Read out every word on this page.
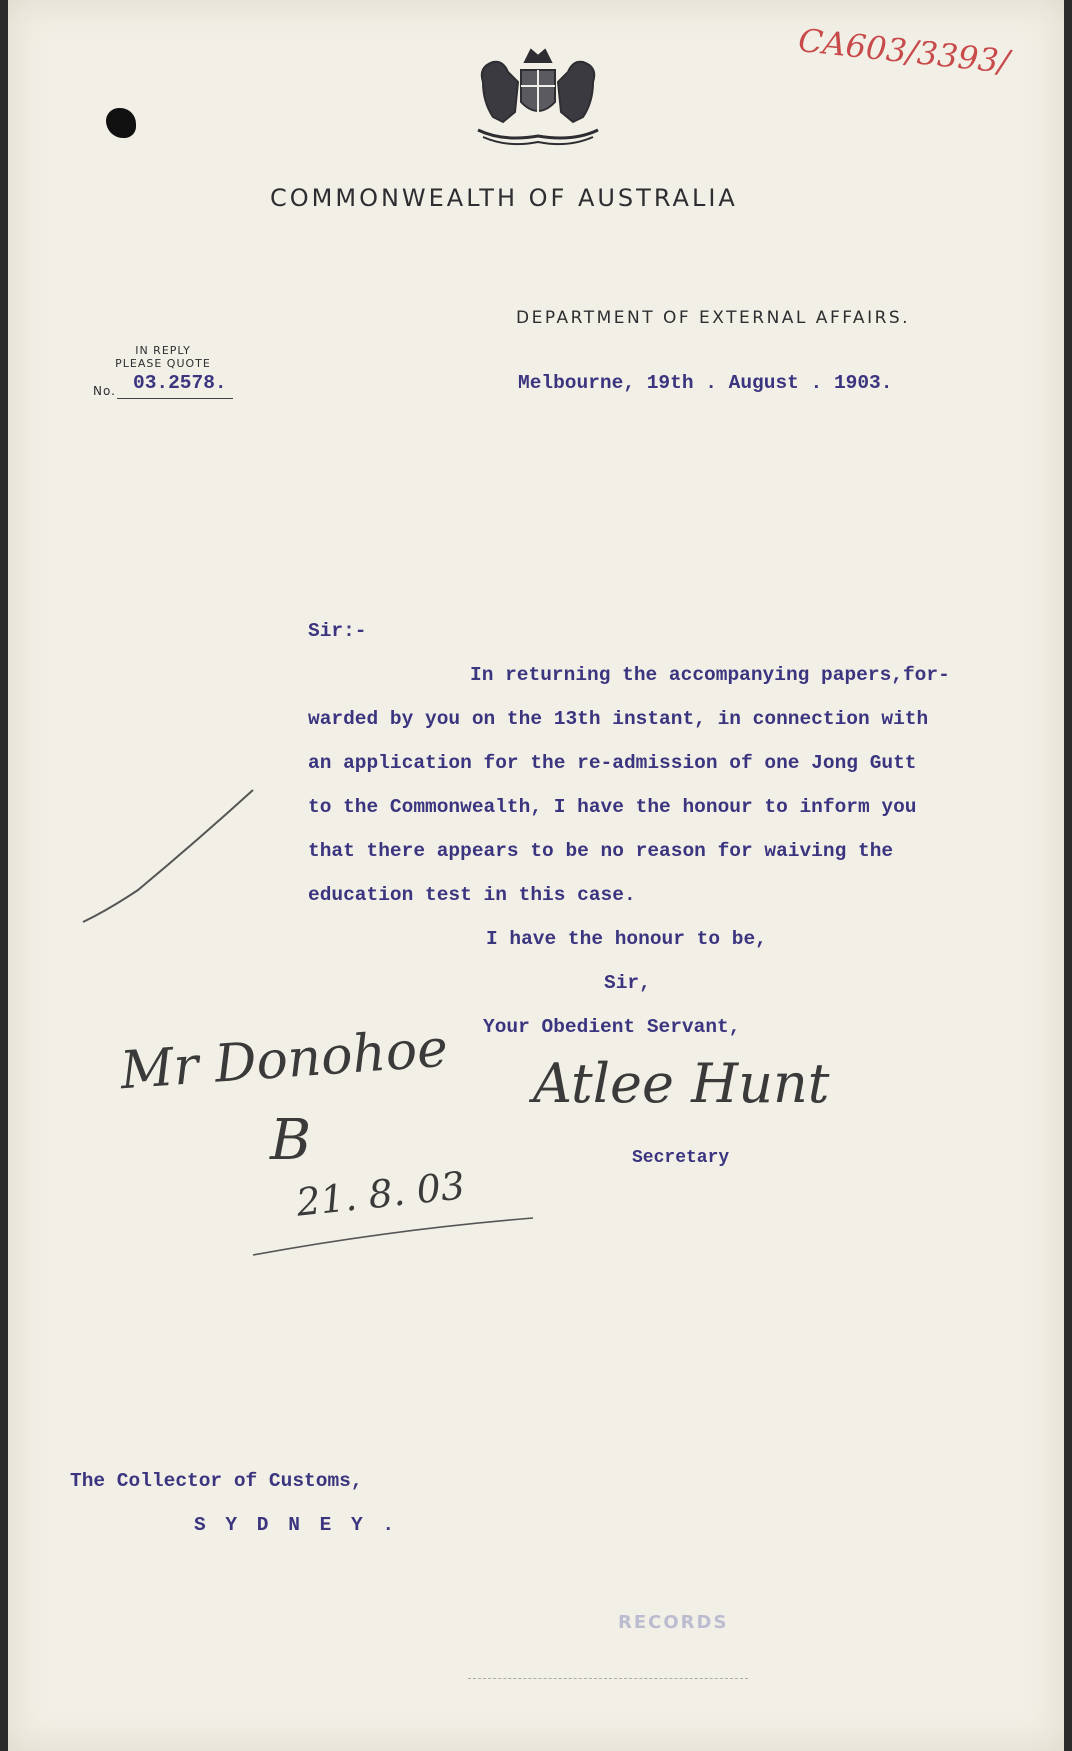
CA603/3393/
COMMONWEALTH OF AUSTRALIA
DEPARTMENT OF EXTERNAL AFFAIRS.
IN REPLY
PLEASE QUOTE
No. 03.2578.	Melbourne, 19th . August . 1903.
Sir:-
In returning the accompanying papers,for-
warded by you on the 13th instant, in connection with
an application for the re-admission of one Jong Gutt
to the Commonwealth, I have the honour to inform you
that there appears to be no reason for waiving the
education test in this case.
I have the honour to be,
Sir,
Your Obedient Servant,
Atlee Hunt
Secretary
Mr Donohoe
B
21. 8. 03
The Collector of Customs,
S Y D N E Y .
RECORDS
